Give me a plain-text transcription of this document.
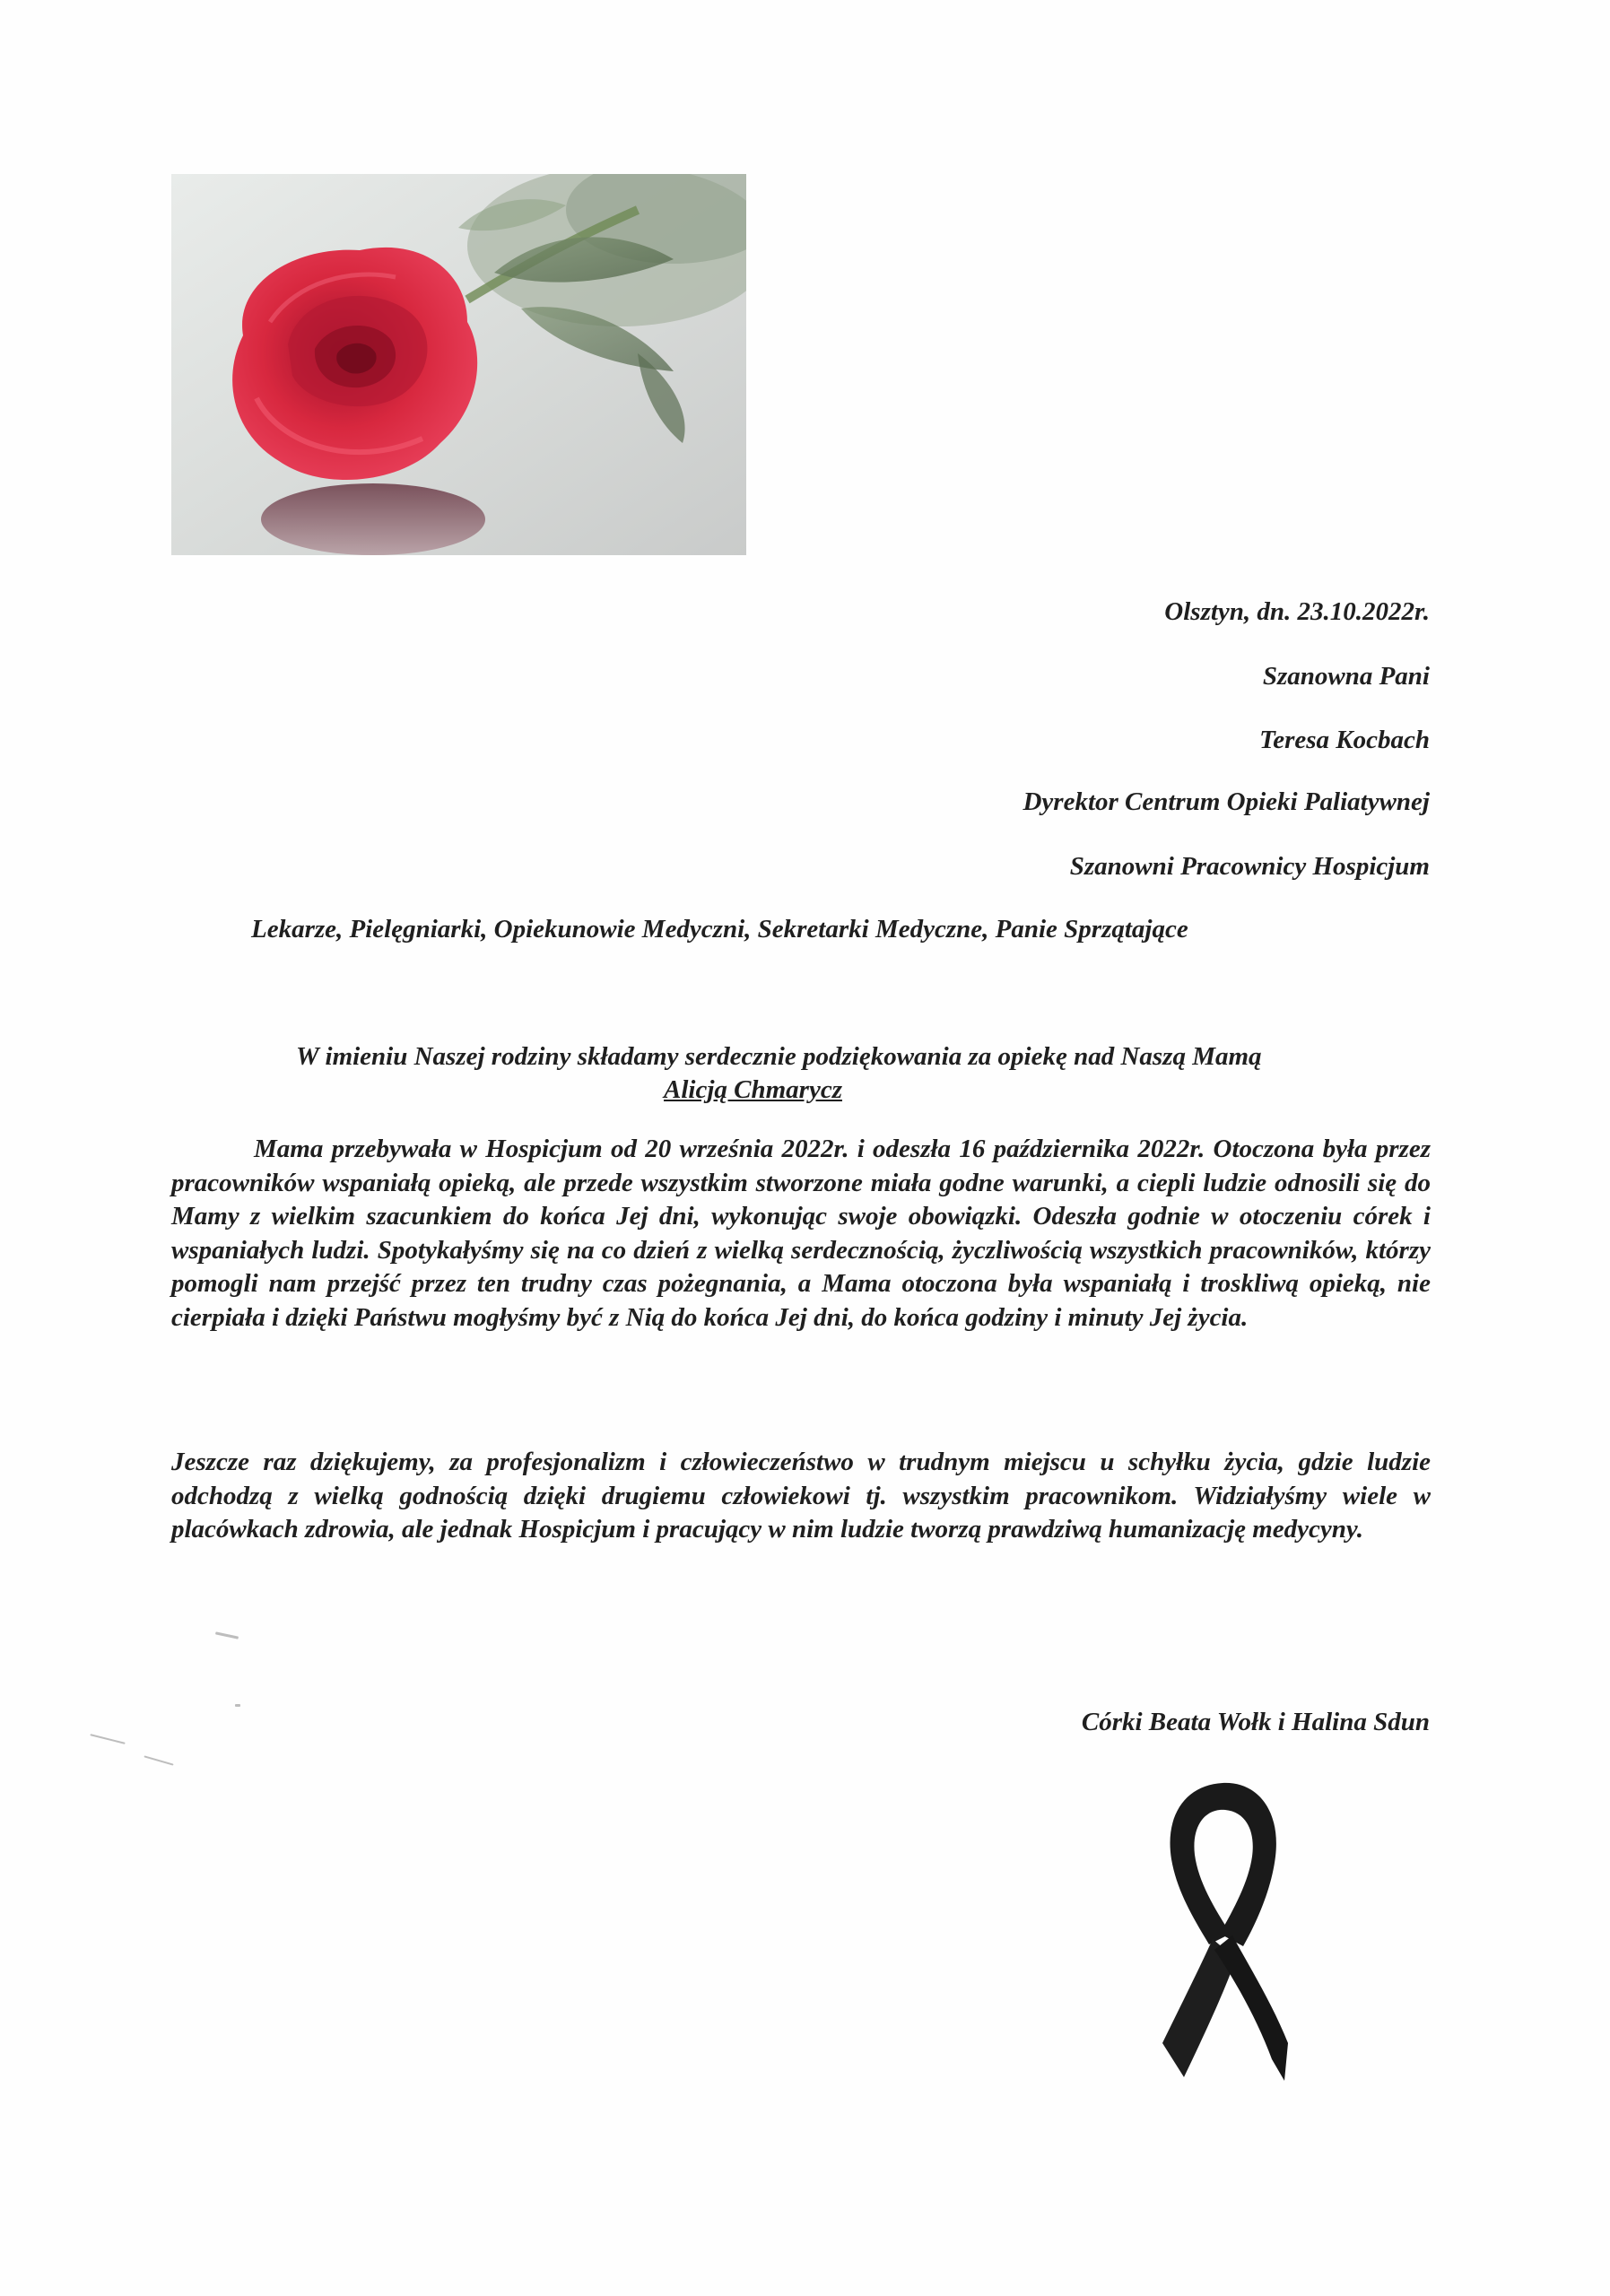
Olsztyn, dn. 23.10.2022r.
Szanowna Pani
Teresa Kocbach
Dyrektor Centrum Opieki Paliatywnej
Szanowni Pracownicy Hospicjum
Lekarze, Pielęgniarki, Opiekunowie Medyczni, Sekretarki Medyczne, Panie Sprzątające
W imieniu Naszej rodziny składamy serdecznie podziękowania za opiekę nad Naszą Mamą
Alicją Chmarycz

Mama przebywała w Hospicjum od 20 września 2022r. i odeszła 16 października 2022r. Otoczona była przez pracowników wspaniałą opieką, ale przede wszystkim stworzone miała godne warunki, a ciepli ludzie odnosili się do Mamy z wielkim szacunkiem do końca Jej dni, wykonując swoje obowiązki. Odeszła godnie w otoczeniu córek i wspaniałych ludzi. Spotykałyśmy się na co dzień z wielką serdecznością, życzliwością wszystkich pracowników, którzy pomogli nam przejść przez ten trudny czas pożegnania, a Mama otoczona była wspaniałą i troskliwą opieką, nie cierpiała i dzięki Państwu mogłyśmy być z Nią do końca Jej dni, do końca godziny i minuty Jej życia.

Jeszcze raz dziękujemy, za profesjonalizm i człowieczeństwo w trudnym miejscu u schyłku życia, gdzie ludzie odchodzą z wielką godnością dzięki drugiemu człowiekowi tj. wszystkim pracownikom. Widziałyśmy wiele w placówkach zdrowia, ale jednak Hospicjum i pracujący w nim ludzie tworzą prawdziwą humanizację medycyny.

Córki Beata Wołk i Halina Sdun
